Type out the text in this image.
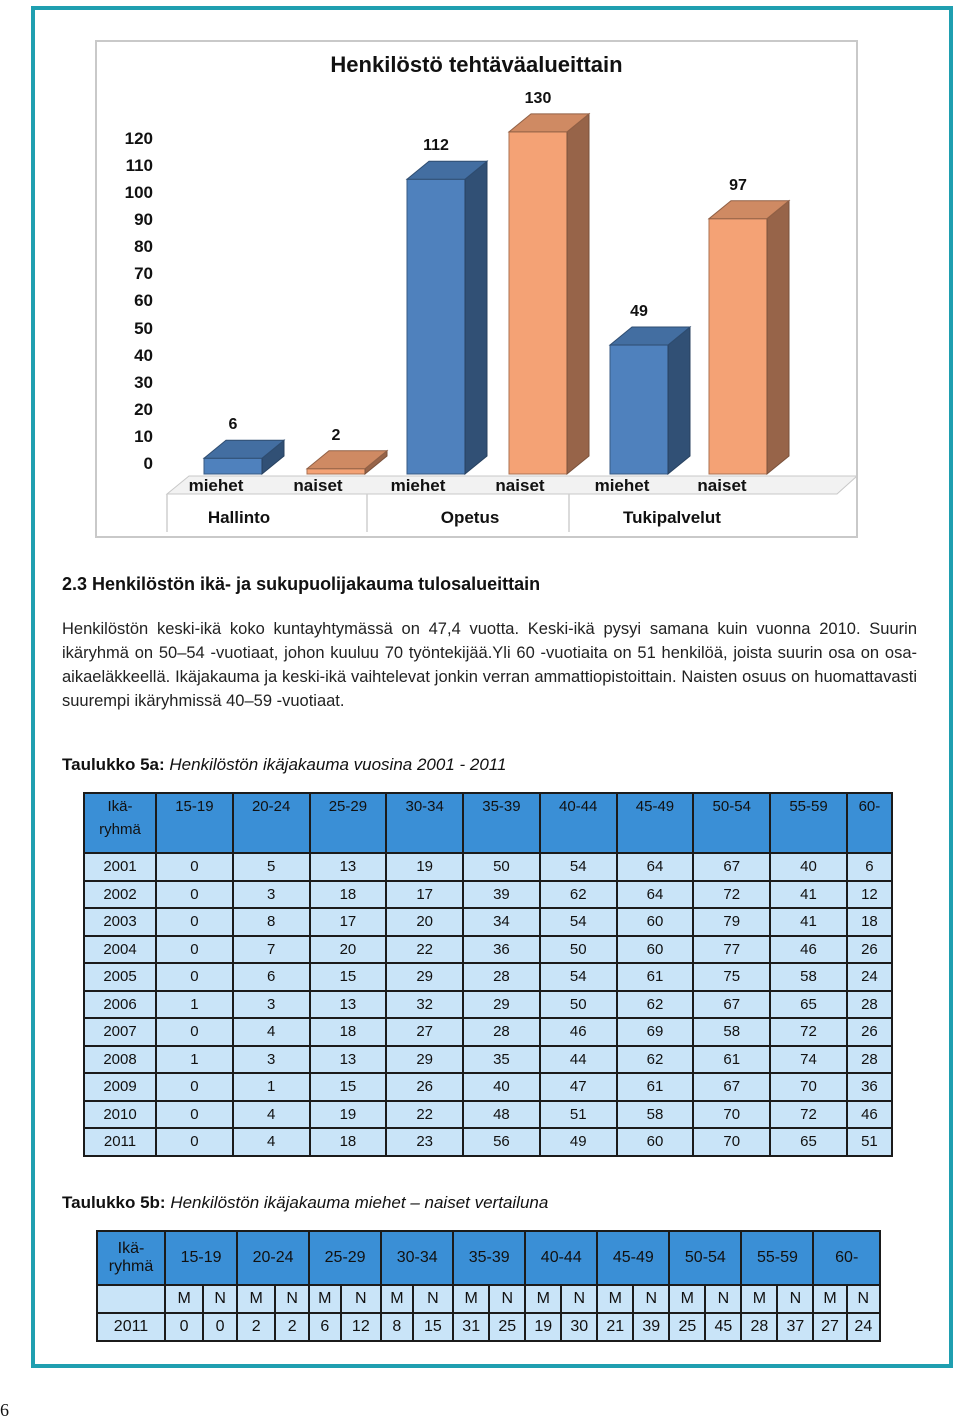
Henkilöstö tehtäväalueittain
0
10
20
30
40
50
60
70
80
90
100
110
120
6
miehet
2
naiset
112
miehet
130
naiset
49
miehet
97
naiset
Hallinto	Opetus	Tukipalvelut
2.3 Henkilöstön ikä- ja sukupuolijakauma tulosalueittain
Henkilöstön keski-ikä koko kuntayhtymässä on 47,4 vuotta. Keski-ikä pysyi samana kuin vuonna 2010. Suurin ikäryhmä on 50–54 -vuotiaat, johon kuuluu 70 työntekijää.Yli 60 -vuotiaita on 51 henkilöä, joista suurin osa on osa-aikaeläkkeellä. Ikäjakauma ja keski-ikä vaihtelevat jonkin verran ammattiopistoittain. Naisten osuus on huomattavasti suurempi ikäryhmissä 40–59 -vuotiaat.
Taulukko 5a: Henkilöstön ikäjakauma vuosina 2001 - 2011
Ikä-
ryhmä	15-19	20-24	25-29	30-34	35-39	40-44	45-49	50-54	55-59	60-
2001	0	5	13	19	50	54	64	67	40	6
2002	0	3	18	17	39	62	64	72	41	12
2003	0	8	17	20	34	54	60	79	41	18
2004	0	7	20	22	36	50	60	77	46	26
2005	0	6	15	29	28	54	61	75	58	24
2006	1	3	13	32	29	50	62	67	65	28
2007	0	4	18	27	28	46	69	58	72	26
2008	1	3	13	29	35	44	62	61	74	28
2009	0	1	15	26	40	47	61	67	70	36
2010	0	4	19	22	48	51	58	70	72	46
2011	0	4	18	23	56	49	60	70	65	51
Taulukko 5b: Henkilöstön ikäjakauma miehet – naiset vertailuna
Ikä-
ryhmä	15-19		20-24		25-29		30-34		35-39		40-44		45-49		50-54		55-59		60-	
	M	N	M	N	M	N	M	N	M	N	M	N	M	N	M	N	M	N	M	N
2011	0	0	2	2	6	12	8	15	31	25	19	30	21	39	25	45	28	37	27	24
6
